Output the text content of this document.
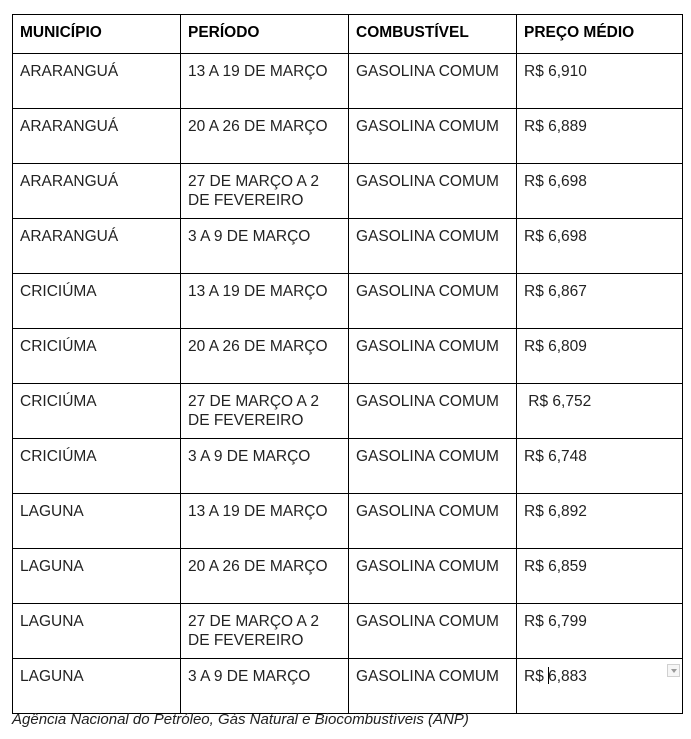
MUNICÍPIO	PERÍODO	COMBUSTÍVEL	PREÇO MÉDIO
ARARANGUÁ	13 A 19 DE MARÇO	GASOLINA COMUM	R$ 6,910
ARARANGUÁ	20 A 26 DE MARÇO	GASOLINA COMUM	R$ 6,889
ARARANGUÁ	27 DE MARÇO A 2 DE FEVEREIRO	GASOLINA COMUM	R$ 6,698
ARARANGUÁ	3 A 9 DE MARÇO	GASOLINA COMUM	R$ 6,698
CRICIÚMA	13 A 19 DE MARÇO	GASOLINA COMUM	R$ 6,867
CRICIÚMA	20 A 26 DE MARÇO	GASOLINA COMUM	R$ 6,809
CRICIÚMA	27 DE MARÇO A 2 DE FEVEREIRO	GASOLINA COMUM	R$ 6,752
CRICIÚMA	3 A 9 DE MARÇO	GASOLINA COMUM	R$ 6,748
LAGUNA	13 A 19 DE MARÇO	GASOLINA COMUM	R$ 6,892
LAGUNA	20 A 26 DE MARÇO	GASOLINA COMUM	R$ 6,859
LAGUNA	27 DE MARÇO A 2 DE FEVEREIRO	GASOLINA COMUM	R$ 6,799
LAGUNA	3 A 9 DE MARÇO	GASOLINA COMUM	R$ 6,883
Agência Nacional do Petróleo, Gás Natural e Biocombustíveis (ANP)
